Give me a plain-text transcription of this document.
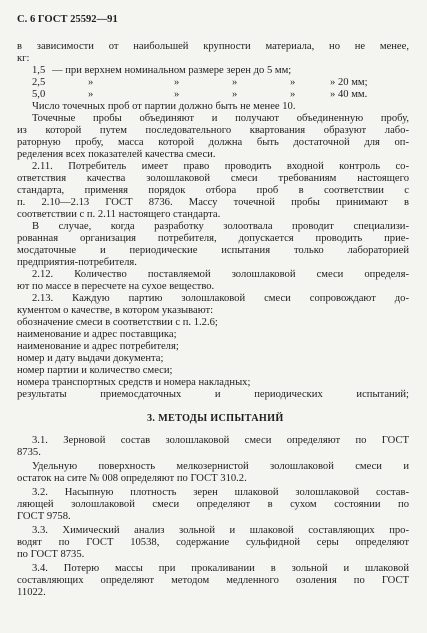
С. 6 ГОСТ 25592—91
в зависимости от наибольшей крупности материала, но не менее,
кг:
1,5 — при верхнем номинальном размере зерен до 5 мм;
2,5	»	»	»	»	» 20 мм;
5,0	»	»	»	»	» 40 мм.
Число точечных проб от партии должно быть не менее 10.
Точечные пробы объединяют и получают объединенную пробу,
из которой путем последовательного квартования образуют лабо-
раторную пробу, масса которой должна быть достаточной для оп-
ределения всех показателей качества смеси.
2.11. Потребитель имеет право проводить входной контроль со-
ответствия качества золошлаковой смеси требованиям настоящего
стандарта, применяя порядок отбора проб в соответствии с
п. 2.10—2.13 ГОСТ 8736. Массу точечной пробы принимают в
соответствии с п. 2.11 настоящего стандарта.
В случае, когда разработку золоотвала проводит специализи-
рованная организация потребителя, допускается проводить прие-
мосдаточные и периодические испытания только лабораторией
предприятия-потребителя.
2.12. Количество поставляемой золошлаковой смеси определя-
ют по массе в пересчете на сухое вещество.
2.13. Каждую партию золошлаковой смеси сопровождают до-
кументом о качестве, в котором указывают:
обозначение смеси в соответствии с п. 1.2.6;
наименование и адрес поставщика;
наименование и адрес потребителя;
номер и дату выдачи документа;
номер партии и количество смеси;
номера транспортных средств и номера накладных;
результаты приемосдаточных и периодических испытаний;
3. МЕТОДЫ ИСПЫТАНИЙ
3.1. Зерновой состав золошлаковой смеси определяют по ГОСТ
8735.
Удельную поверхность мелкозернистой золошлаковой смеси и
остаток на сите № 008 определяют по ГОСТ 310.2.
3.2. Насыпную плотность зерен шлаковой золошлаковой состав-
ляющей золошлаковой смеси определяют в сухом состоянии по
ГОСТ 9758.
3.3. Химический анализ зольной и шлаковой составляющих про-
водят по ГОСТ 10538, содержание сульфидной серы определяют
по ГОСТ 8735.
3.4. Потерю массы при прокаливании в зольной и шлаковой
составляющих определяют методом медленного озоления по ГОСТ
11022.
